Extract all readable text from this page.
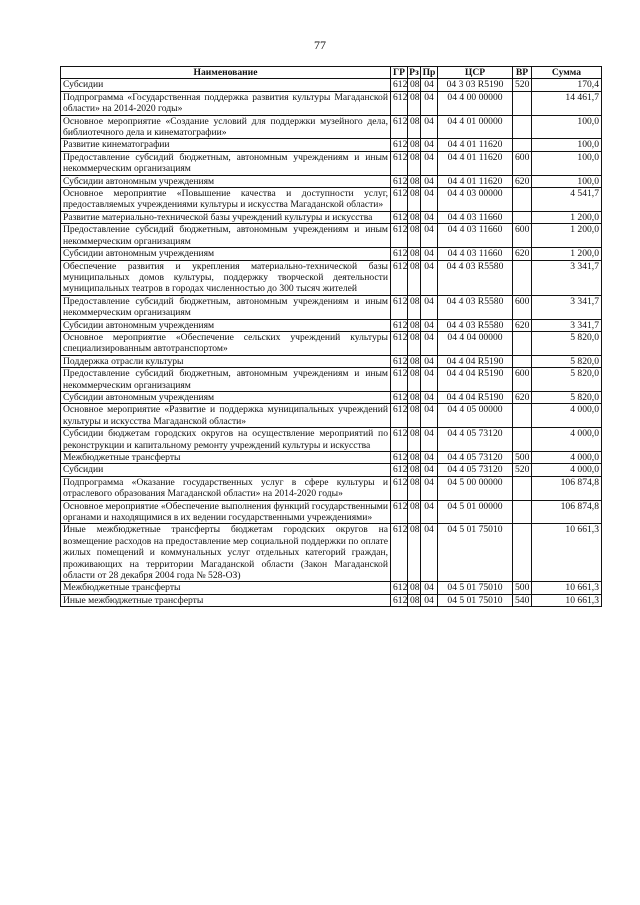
77
Наименование	ГР	Рз	Пр	ЦСР	ВР	Сумма
Субсидии	612	08	04	04 3 03 R5190	520	170,4
Подпрограмма «Государственная поддержка развития культуры Магаданской области» на 2014-2020 годы»	612	08	04	04 4 00 00000		14 461,7
Основное мероприятие «Создание условий для поддержки музейного дела, библиотечного дела и кинематографии»	612	08	04	04 4 01 00000		100,0
Развитие кинематографии	612	08	04	04 4 01 11620		100,0
Предоставление субсидий бюджетным, автономным учреждениям и иным некоммерческим организациям	612	08	04	04 4 01 11620	600	100,0
Субсидии автономным учреждениям	612	08	04	04 4 01 11620	620	100,0
Основное мероприятие «Повышение качества и доступности услуг, предоставляемых учреждениями культуры и искусства Магаданской области»	612	08	04	04 4 03 00000		4 541,7
Развитие материально-технической базы учреждений культуры и искусства	612	08	04	04 4 03 11660		1 200,0
Предоставление субсидий бюджетным, автономным учреждениям и иным некоммерческим организациям	612	08	04	04 4 03 11660	600	1 200,0
Субсидии автономным учреждениям	612	08	04	04 4 03 11660	620	1 200,0
Обеспечение развития и укрепления материально-технической базы муниципальных домов культуры, поддержку творческой деятельности муниципальных театров в городах численностью до 300 тысяч жителей	612	08	04	04 4 03 R5580		3 341,7
Предоставление субсидий бюджетным, автономным учреждениям и иным некоммерческим организациям	612	08	04	04 4 03 R5580	600	3 341,7
Субсидии автономным учреждениям	612	08	04	04 4 03 R5580	620	3 341,7
Основное мероприятие «Обеспечение сельских учреждений культуры специализированным автотранспортом»	612	08	04	04 4 04 00000		5 820,0
Поддержка отрасли культуры	612	08	04	04 4 04 R5190		5 820,0
Предоставление субсидий бюджетным, автономным учреждениям и иным некоммерческим организациям	612	08	04	04 4 04 R5190	600	5 820,0
Субсидии автономным учреждениям	612	08	04	04 4 04 R5190	620	5 820,0
Основное мероприятие «Развитие и поддержка муниципальных учреждений культуры и искусства Магаданской области»	612	08	04	04 4 05 00000		4 000,0
Субсидии бюджетам городских округов на осуществление мероприятий по реконструкции и капитальному ремонту учреждений культуры и искусства	612	08	04	04 4 05 73120		4 000,0
Межбюджетные трансферты	612	08	04	04 4 05 73120	500	4 000,0
Субсидии	612	08	04	04 4 05 73120	520	4 000,0
Подпрограмма «Оказание государственных услуг в сфере культуры и отраслевого образования Магаданской области» на 2014-2020 годы»	612	08	04	04 5 00 00000		106 874,8
Основное мероприятие «Обеспечение выполнения функций государственными органами и находящимися в их ведении государственными учреждениями»	612	08	04	04 5 01 00000		106 874,8
Иные межбюджетные трансферты бюджетам городских округов на возмещение расходов на предоставление мер социальной поддержки по оплате жилых помещений и коммунальных услуг отдельных категорий граждан, проживающих на территории Магаданской области (Закон Магаданской области от 28 декабря 2004 года № 528-ОЗ)	612	08	04	04 5 01 75010		10 661,3
Межбюджетные трансферты	612	08	04	04 5 01 75010	500	10 661,3
Иные межбюджетные трансферты	612	08	04	04 5 01 75010	540	10 661,3
